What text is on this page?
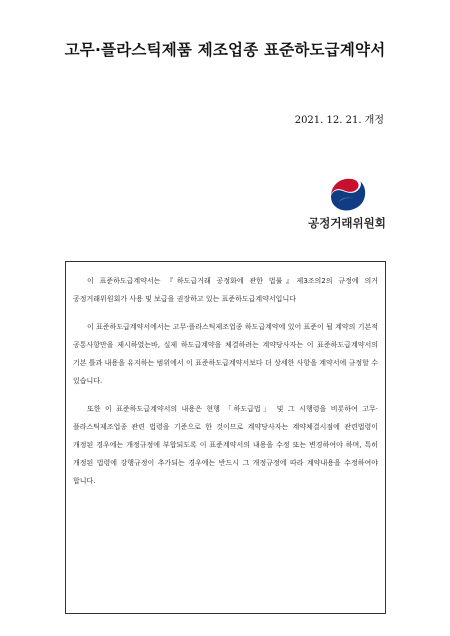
고무·플라스틱제품 제조업종 표준하도급계약서
2021. 12. 21. 개정
공정거래위원회

이 표준하도급계약서는 『하도급거래 공정화에 관한 법률』제3조의2의 규정에 의거 공정거래위원회가 사용 및 보급을 권장하고 있는 표준하도급계약서입니다

이 표준하도급계약서에서는 고무·플라스틱제조업종 하도급계약에 있어 표준이 될 계약의 기본적 공통사항만을 제시하였는바, 실제 하도급계약을 체결하려는 계약당사자는 이 표준하도급계약서의 기본 틀과 내용을 유지하는 범위에서 이 표준하도급계약서보다 더 상세한 사항을 계약서에 규정할 수 있습니다.

또한 이 표준하도급계약서의 내용은 현행 「하도급법」 및 그 시행령을 비롯하여 고무·플라스틱제조업종 관련 법령을 기준으로 한 것이므로 계약당사자는 계약체결시점에 관련법령이 개정된 경우에는 개정규정에 부합되도록 이 표준계약서의 내용을 수정 또는 변경하여야 하며, 특히 개정된 법령에 강행규정이 추가되는 경우에는 반드시 그 개정규정에 따라 계약내용을 수정하여야 합니다.
